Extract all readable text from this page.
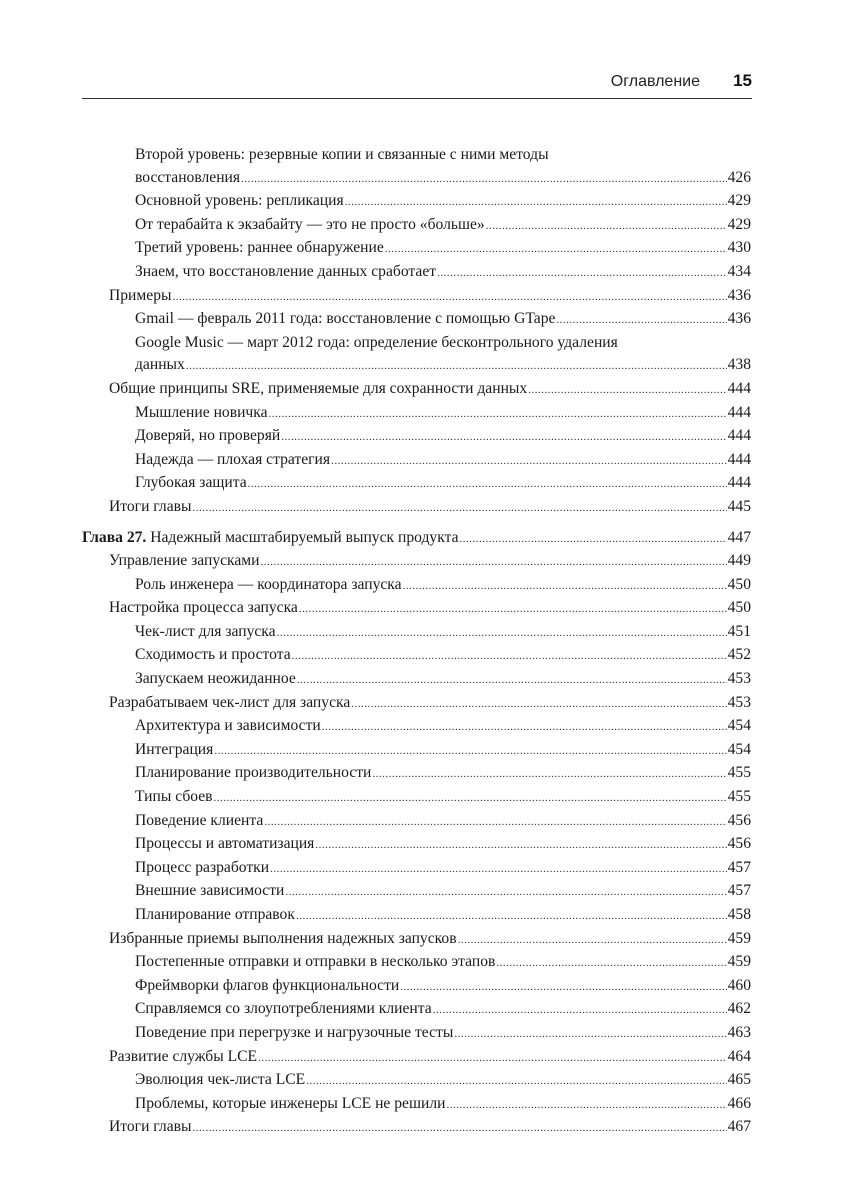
Оглавление 15
Второй уровень: резервные копии и связанные с ними методы
восстановления .....	426
Основной уровень: репликация .....	429
От терабайта к экзабайту — это не просто «больше» .....	429
Третий уровень: раннее обнаружение .....	430
Знаем, что восстановление данных сработает .....	434
Примеры .....	436
Gmail — февраль 2011 года: восстановление с помощью GTape .....	436
Google Music — март 2012 года: определение бесконтрольного удаления
данных .....	438
Общие принципы SRE, применяемые для сохранности данных .....	444
Мышление новичка .....	444
Доверяй, но проверяй .....	444
Надежда — плохая стратегия .....	444
Глубокая защита .....	444
Итоги главы .....	445
Глава 27. Надежный масштабируемый выпуск продукта .....	447
Управление запусками .....	449
Роль инженера — координатора запуска .....	450
Настройка процесса запуска .....	450
Чек-лист для запуска .....	451
Сходимость и простота .....	452
Запускаем неожиданное .....	453
Разрабатываем чек-лист для запуска .....	453
Архитектура и зависимости .....	454
Интеграция .....	454
Планирование производительности .....	455
Типы сбоев .....	455
Поведение клиента .....	456
Процессы и автоматизация .....	456
Процесс разработки .....	457
Внешние зависимости .....	457
Планирование отправок .....	458
Избранные приемы выполнения надежных запусков .....	459
Постепенные отправки и отправки в несколько этапов .....	459
Фреймворки флагов функциональности .....	460
Справляемся со злоупотреблениями клиента .....	462
Поведение при перегрузке и нагрузочные тесты .....	463
Развитие службы LCE .....	464
Эволюция чек-листа LCE .....	465
Проблемы, которые инженеры LCE не решили .....	466
Итоги главы .....	467
